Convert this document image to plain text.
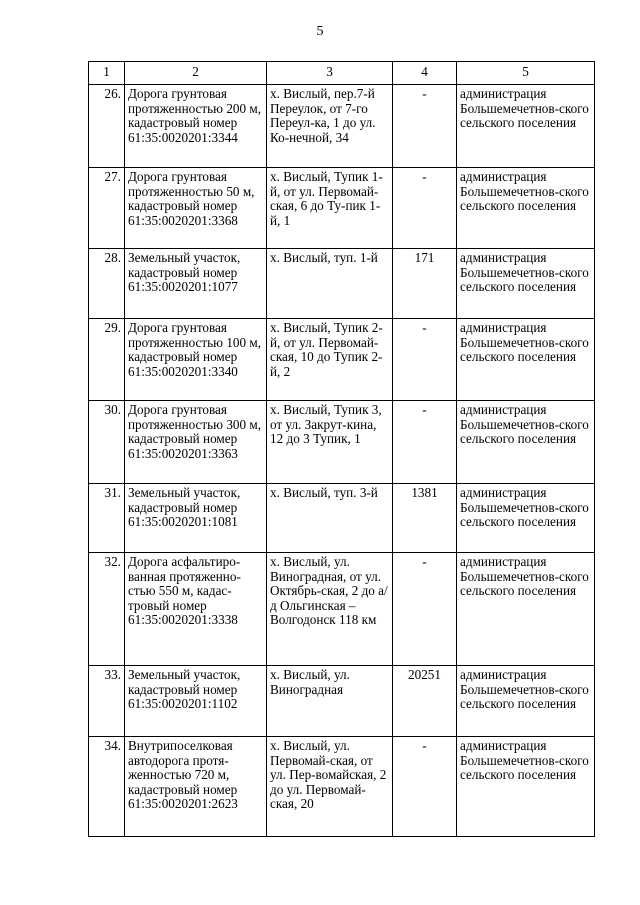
5
1	2	3	4	5
26.	Дорога грунтовая протяженностью 200 м, кадастровый номер 61:35:0020201:3344	х. Вислый, пер.7-й Переулок, от 7-го Переул-ка, 1 до ул. Ко-нечной, 34	-	администрация Большемечетнов-ского сельского поселения
27.	Дорога грунтовая протяженностью 50 м, кадастровый номер 61:35:0020201:3368	х. Вислый, Тупик 1-й, от ул. Первомай-ская, 6 до Ту-пик 1-й, 1	-	администрация Большемечетнов-ского сельского поселения
28.	Земельный участок, кадастровый номер 61:35:0020201:1077	х. Вислый, туп. 1-й	171	администрация Большемечетнов-ского сельского поселения
29.	Дорога грунтовая протяженностью 100 м, кадастровый номер 61:35:0020201:3340	х. Вислый, Тупик 2-й, от ул. Первомай-ская, 10 до Тупик 2-й, 2	-	администрация Большемечетнов-ского сельского поселения
30.	Дорога грунтовая протяженностью 300 м, кадастровый номер 61:35:0020201:3363	х. Вислый, Тупик 3, от ул. Закрут-кина, 12 до 3 Тупик, 1	-	администрация Большемечетнов-ского сельского поселения
31.	Земельный участок, кадастровый номер 61:35:0020201:1081	х. Вислый, туп. 3-й	1381	администрация Большемечетнов-ского сельского поселения
32.	Дорога асфальтиро-ванная протяженно-стью 550 м, кадас-тровый номер 61:35:0020201:3338	х. Вислый, ул. Виноградная, от ул. Октябрь-ская, 2 до а/д Ольгинская – Волгодонск 118 км	-	администрация Большемечетнов-ского сельского поселения
33.	Земельный участок, кадастровый номер 61:35:0020201:1102	х. Вислый, ул. Виноградная	20251	администрация Большемечетнов-ского сельского поселения
34.	Внутрипоселковая автодорога протя-женностью 720 м, кадастровый номер 61:35:0020201:2623	х. Вислый, ул. Первомай-ская, от ул. Пер-вомайская, 2 до ул. Первомай-ская, 20	-	администрация Большемечетнов-ского сельского поселения
